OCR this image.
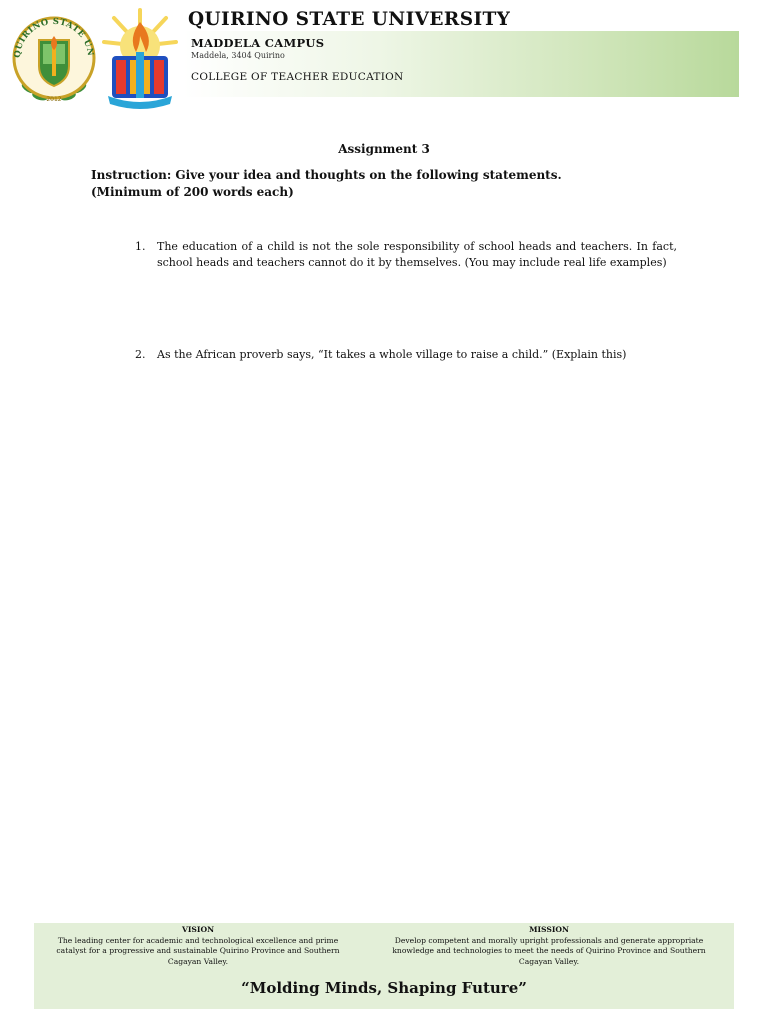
QUIRINO STATE UN
2012
QUIRINO STATE UNIVERSITY
MADDELA CAMPUS
Maddela, 3404 Quirino
COLLEGE OF TEACHER EDUCATION
Assignment 3
Instruction: Give your idea and thoughts on the following statements.
(Minimum of 200 words each)
1. The education of a child is not the sole responsibility of school heads and teachers. In fact, school heads and teachers cannot do it by themselves. (You may include real life examples)
2. As the African proverb says, “It takes a whole village to raise a child.” (Explain this)
VISION
The leading center for academic and technological excellence and prime catalyst for a progressive and sustainable Quirino Province and Southern Cagayan Valley.
MISSION
Develop competent and morally upright professionals and generate appropriate knowledge and technologies to meet the needs of Quirino Province and Southern Cagayan Valley.
“Molding Minds, Shaping Future”
